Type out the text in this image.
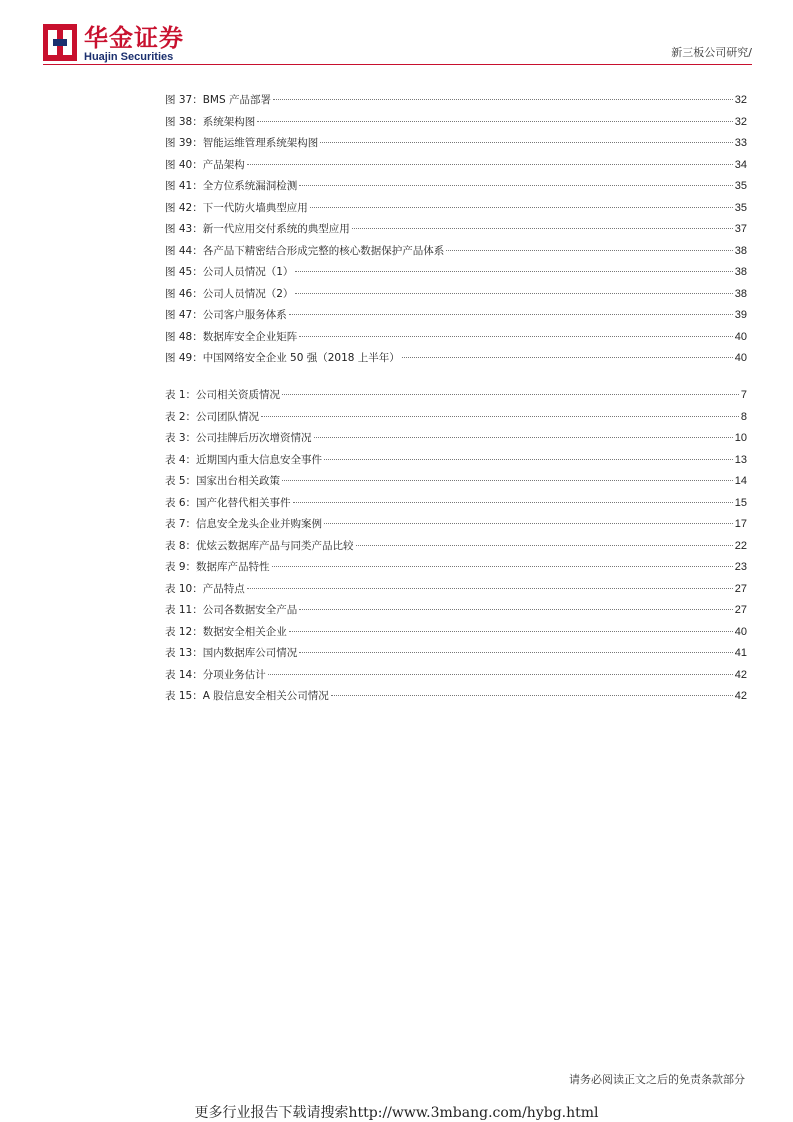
华金证券
Huajin Securities	新三板公司研究/
图 37：BMS 产品部署	32
图 38：系统架构图	32
图 39：智能运维管理系统架构图	33
图 40：产品架构	34
图 41：全方位系统漏洞检测	35
图 42：下一代防火墙典型应用	35
图 43：新一代应用交付系统的典型应用	37
图 44：各产品下精密结合形成完整的核心数据保护产品体系	38
图 45：公司人员情况（1）	38
图 46：公司人员情况（2）	38
图 47：公司客户服务体系	39
图 48：数据库安全企业矩阵	40
图 49：中国网络安全企业 50 强（2018 上半年）	40
表 1：公司相关资质情况	7
表 2：公司团队情况	8
表 3：公司挂牌后历次增资情况	10
表 4：近期国内重大信息安全事件	13
表 5：国家出台相关政策	14
表 6：国产化替代相关事件	15
表 7：信息安全龙头企业并购案例	17
表 8：优炫云数据库产品与同类产品比较	22
表 9：数据库产品特性	23
表 10：产品特点	27
表 11：公司各数据安全产品	27
表 12：数据安全相关企业	40
表 13：国内数据库公司情况	41
表 14：分项业务估计	42
表 15：A 股信息安全相关公司情况	42
请务必阅读正文之后的免责条款部分
更多行业报告下载请搜索http://www.3mbang.com/hybg.html
